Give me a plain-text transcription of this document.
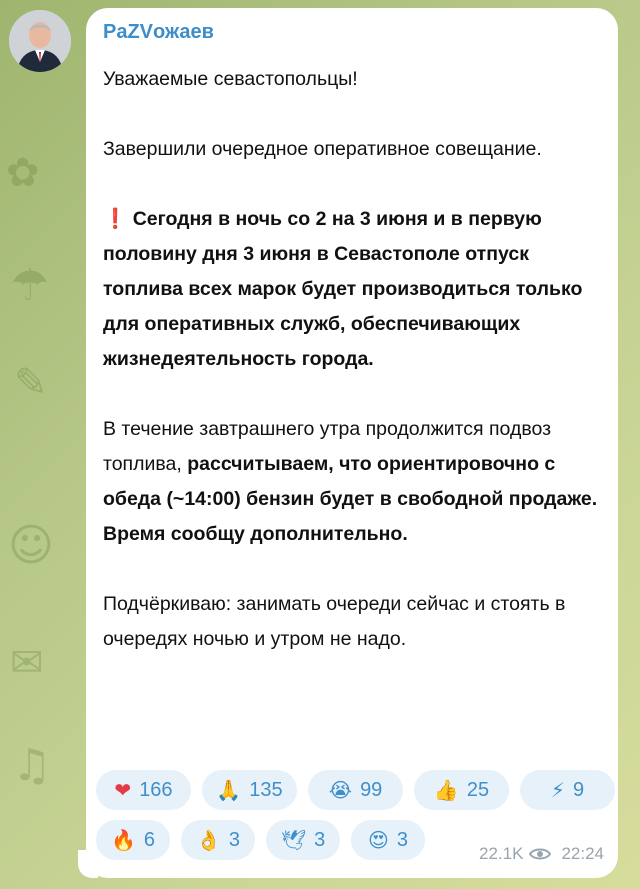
✿
☂
✎
☺
✉
♫
PaZVожаев

Уважаемые севастопольцы!

Завершили очередное оперативное совещание.

❗ Сегодня в ночь со 2 на 3 июня и в первую половину дня 3 июня в Севастополе отпуск топлива всех марок будет производиться только для оперативных служб, обеспечивающих жизнедеятельность города.

В течение завтрашнего утра продолжится подвоз топлива, рассчитываем, что ориентировочно с обеда (~14:00) бензин будет в свободной продаже. Время сообщу дополнительно.

Подчёркиваю: занимать очереди сейчас и стоять в очередях ночью и утром не надо.

❤ 166 🙏 135 😭 99	👍 25	⚡ 9
🔥 6 👌 3 🕊 3 😍 3
22.1K 22:24
